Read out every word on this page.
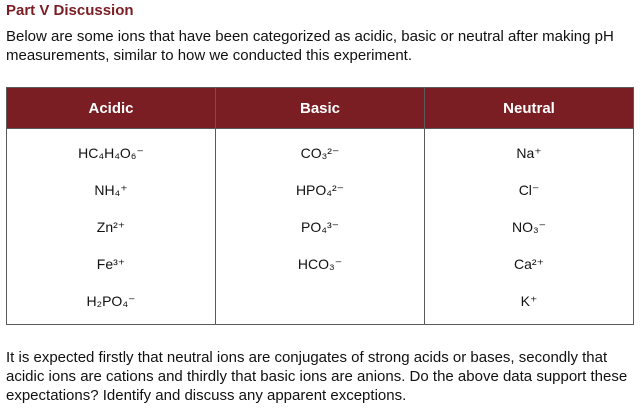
Part V Discussion
Below are some ions that have been categorized as acidic, basic or neutral after making pH measurements, similar to how we conducted this experiment.
Acidic	Basic	Neutral
HC₄H₄O₆⁻	CO₃²⁻	Na⁺
NH₄⁺	HPO₄²⁻	Cl⁻
Zn²⁺	PO₄³⁻	NO₃⁻
Fe³⁺	HCO₃⁻	Ca²⁺
H₂PO₄⁻		K⁺
It is expected firstly that neutral ions are conjugates of strong acids or bases, secondly that acidic ions are cations and thirdly that basic ions are anions. Do the above data support these expectations? Identify and discuss any apparent exceptions.
